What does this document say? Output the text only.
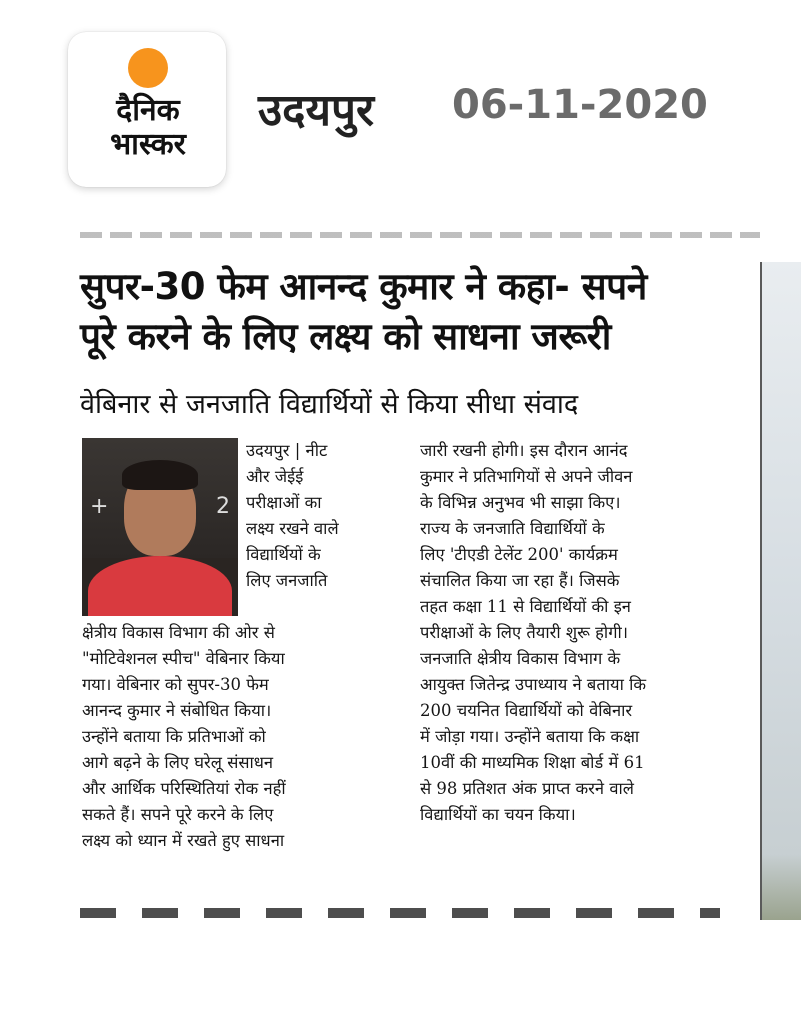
दैनिक
भास्कर
उदयपुर 06-11-2020
सुपर-30 फेम आनन्द कुमार ने कहा- सपने
पूरे करने के लिए लक्ष्य को साधना जरूरी
वेबिनार से जनजाति विद्यार्थियों से किया सीधा संवाद
+	2

उदयपुर | नीट
और जेईई
परीक्षाओं का
लक्ष्य रखने वाले
विद्यार्थियों के
लिए जनजाति

क्षेत्रीय विकास विभाग की ओर से
"मोटिवेशनल स्पीच" वेबिनार किया
गया। वेबिनार को सुपर-30 फेम
आनन्द कुमार ने संबोधित किया।
उन्होंने बताया कि प्रतिभाओं को
आगे बढ़ने के लिए घरेलू संसाधन
और आर्थिक परिस्थितियां रोक नहीं
सकते हैं। सपने पूरे करने के लिए
लक्ष्य को ध्यान में रखते हुए साधना

जारी रखनी होगी। इस दौरान आनंद
कुमार ने प्रतिभागियों से अपने जीवन
के विभिन्न अनुभव भी साझा किए।
राज्य के जनजाति विद्यार्थियों के
लिए 'टीएडी टेलेंट 200' कार्यक्रम
संचालित किया जा रहा हैं। जिसके
तहत कक्षा 11 से विद्यार्थियों की इन
परीक्षाओं के लिए तैयारी शुरू होगी।
जनजाति क्षेत्रीय विकास विभाग के
आयुक्त जितेन्द्र उपाध्याय ने बताया कि
200 चयनित विद्यार्थियों को वेबिनार
में जोड़ा गया। उन्होंने बताया कि कक्षा
10वीं की माध्यमिक शिक्षा बोर्ड में 61
से 98 प्रतिशत अंक प्राप्त करने वाले
विद्यार्थियों का चयन किया।
